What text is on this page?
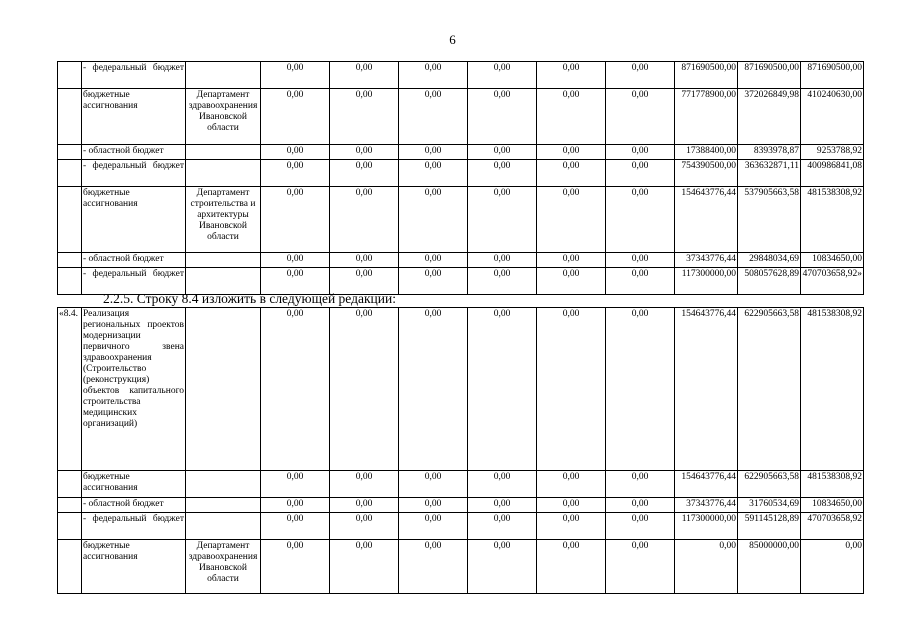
6
	- федеральный бюджет		0,00	0,00	0,00	0,00	0,00	0,00	871690500,00	871690500,00	871690500,00
	бюджетные ассигнования	Департамент здравоохранения Ивановской области	0,00	0,00	0,00	0,00	0,00	0,00	771778900,00	372026849,98	410240630,00
	- областной бюджет		0,00	0,00	0,00	0,00	0,00	0,00	17388400,00	8393978,87	9253788,92
	- федеральный бюджет		0,00	0,00	0,00	0,00	0,00	0,00	754390500,00	363632871,11	400986841,08
	бюджетные ассигнования	Департамент строительства и архитектуры Ивановской области	0,00	0,00	0,00	0,00	0,00	0,00	154643776,44	537905663,58	481538308,92
	- областной бюджет		0,00	0,00	0,00	0,00	0,00	0,00	37343776,44	29848034,69	10834650,00
	- федеральный бюджет		0,00	0,00	0,00	0,00	0,00	0,00	117300000,00	508057628,89	470703658,92»
2.2.5. Строку 8.4 изложить в следующей редакции:
«8.4.	Реализация региональных проектов модернизации первичного звена здравоохранения (Строительство (реконструкция) объектов капитального строительства медицинских организаций)		0,00	0,00	0,00	0,00	0,00	0,00	154643776,44	622905663,58	481538308,92
	бюджетные ассигнования		0,00	0,00	0,00	0,00	0,00	0,00	154643776,44	622905663,58	481538308,92
	- областной бюджет		0,00	0,00	0,00	0,00	0,00	0,00	37343776,44	31760534,69	10834650,00
	- федеральный бюджет		0,00	0,00	0,00	0,00	0,00	0,00	117300000,00	591145128,89	470703658,92
	бюджетные ассигнования	Департамент здравоохранения Ивановской области	0,00	0,00	0,00	0,00	0,00	0,00	0,00	85000000,00	0,00
